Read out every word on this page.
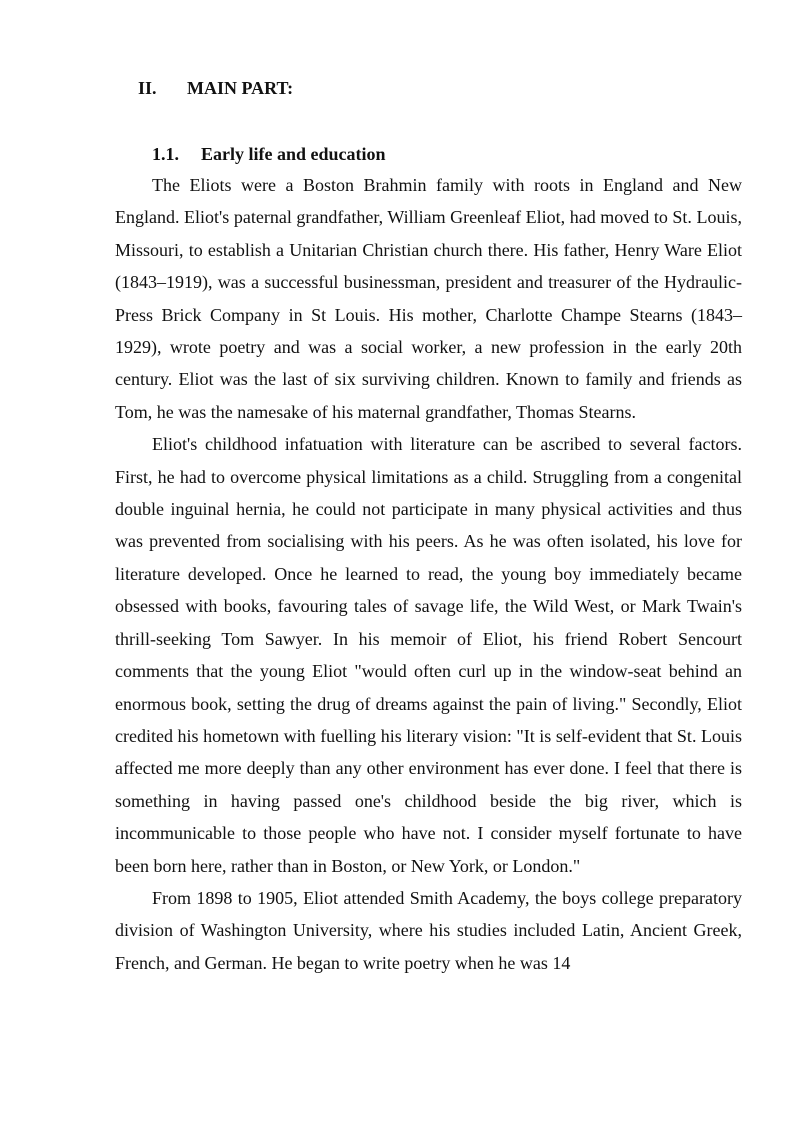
II. MAIN PART:
1.1. Early life and education

The Eliots were a Boston Brahmin family with roots in England and New England. Eliot's paternal grandfather, William Greenleaf Eliot, had moved to St. Louis, Missouri, to establish a Unitarian Christian church there. His father, Henry Ware Eliot (1843–1919), was a successful businessman, president and treasurer of the Hydraulic-Press Brick Company in St Louis. His mother, Charlotte Champe Stearns (1843–1929), wrote poetry and was a social worker, a new profession in the early 20th century. Eliot was the last of six surviving children. Known to family and friends as Tom, he was the namesake of his maternal grandfather, Thomas Stearns.

Eliot's childhood infatuation with literature can be ascribed to several factors. First, he had to overcome physical limitations as a child. Struggling from a congenital double inguinal hernia, he could not participate in many physical activities and thus was prevented from socialising with his peers. As he was often isolated, his love for literature developed. Once he learned to read, the young boy immediately became obsessed with books, favouring tales of savage life, the Wild West, or Mark Twain's thrill-seeking Tom Sawyer. In his memoir of Eliot, his friend Robert Sencourt comments that the young Eliot "would often curl up in the window-seat behind an enormous book, setting the drug of dreams against the pain of living." Secondly, Eliot credited his hometown with fuelling his literary vision: "It is self-evident that St. Louis affected me more deeply than any other environment has ever done. I feel that there is something in having passed one's childhood beside the big river, which is incommunicable to those people who have not. I consider myself fortunate to have been born here, rather than in Boston, or New York, or London."

From 1898 to 1905, Eliot attended Smith Academy, the boys college preparatory division of Washington University, where his studies included Latin, Ancient Greek, French, and German. He began to write poetry when he was 14
